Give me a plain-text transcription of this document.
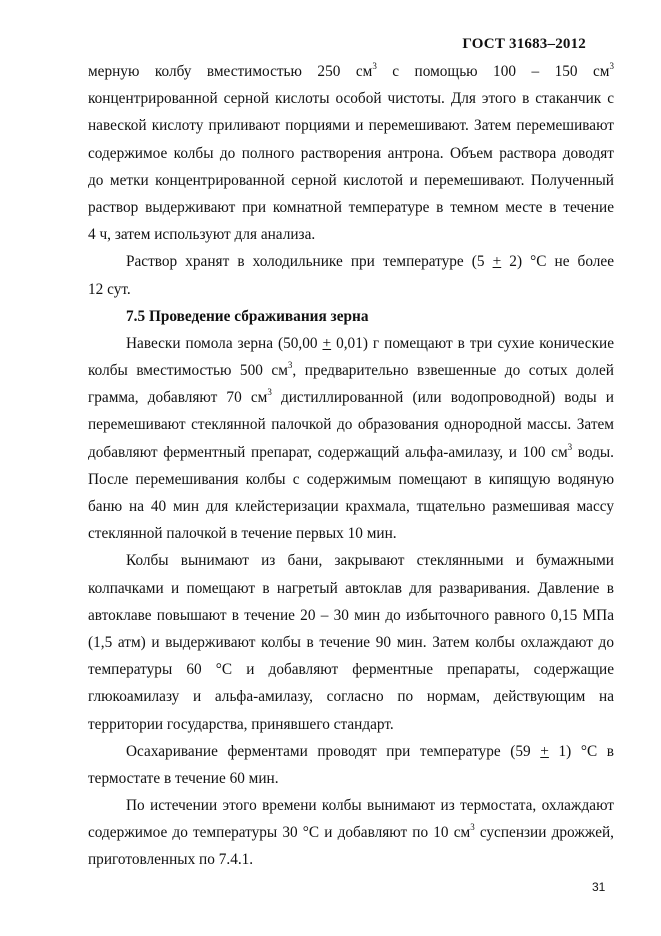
ГОСТ 31683–2012
мерную колбу вместимостью 250 $см^3$ с помощью 100 – 150 $см^3$
концентрированной серной кислоты особой чистоты. Для этого в стаканчик с
навеской кислоту приливают порциями и перемешивают. Затем перемешивают
содержимое колбы до полного растворения антрона. Объем раствора доводят
до метки концентрированной серной кислотой и перемешивают. Полученный
раствор выдерживают при комнатной температуре в темном месте в течение
4 ч, затем используют для анализа.
Раствор хранят в холодильнике при температуре (5 + 2) °С не более
12 сут.
7.5 Проведение сбраживания зерна
Навески помола зерна (50,00 + 0,01) г помещают в три сухие конические
колбы вместимостью 500 $см^3$, предварительно взвешенные до сотых долей
грамма, добавляют 70 $см^3$ дистиллированной (или водопроводной) воды и
перемешивают стеклянной палочкой до образования однородной массы. Затем
добавляют ферментный препарат, содержащий альфа-амилазу, и 100 $см^3$ воды.
После перемешивания колбы с содержимым помещают в кипящую водяную
баню на 40 мин для клейстеризации крахмала, тщательно размешивая массу
стеклянной палочкой в течение первых 10 мин.
Колбы вынимают из бани, закрывают стеклянными и бумажными
колпачками и помещают в нагретый автоклав для разваривания. Давление в
автоклаве повышают в течение 20 – 30 мин до избыточного равного 0,15 МПа
(1,5 атм) и выдерживают колбы в течение 90 мин. Затем колбы охлаждают до
температуры 60 °С и добавляют ферментные препараты, содержащие
глюкоамилазу и альфа-амилазу, согласно по нормам, действующим на
территории государства, принявшего стандарт.
Осахаривание ферментами проводят при температуре (59 + 1) °С в
термостате в течение 60 мин.
По истечении этого времени колбы вынимают из термостата, охлаждают
содержимое до температуры 30 °С и добавляют по 10 $см^3$ суспензии дрожжей,
приготовленных по 7.4.1.
31
